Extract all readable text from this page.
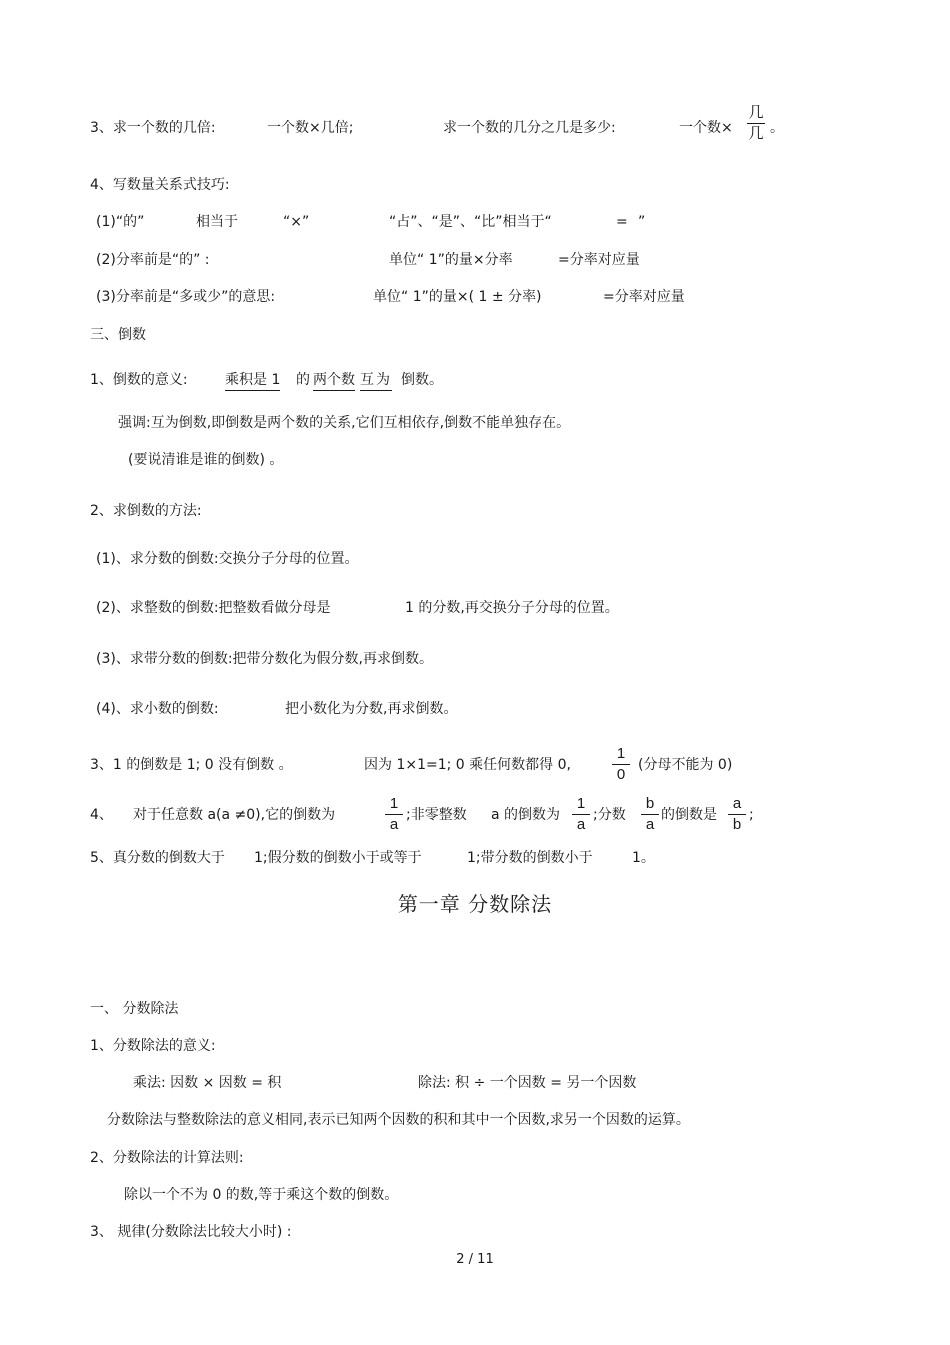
3、求一个数的几倍:	一个数×几倍;	求一个数的几分之几是多少:	一个数×
几
几 。
4、写数量关系式技巧:
(1)“的”	相当于	“×”	“占”、“是”、“比”相当于“	= ”
(2)分率前是“的” :	单位“ 1”的量×分率	=分率对应量
(3)分率前是“多或少”的意思:	单位“ 1”的量×( 1 ± 分率)	=分率对应量
三、倒数
1、倒数的意义:	乘积是 1 的 两个数 互为 倒数。
强调:互为倒数,即倒数是两个数的关系,它们互相依存,倒数不能单独存在。
(要说清谁是谁的倒数) 。
2、求倒数的方法:
(1)、求分数的倒数:交换分子分母的位置。
(2)、求整数的倒数:把整数看做分母是	1 的分数,再交换分子分母的位置。
(3)、求带分数的倒数:把带分数化为假分数,再求倒数。
(4)、求小数的倒数:	把小数化为分数,再求倒数。
3、1 的倒数是 1; 0 没有倒数 。	因为 1×1=1; 0 乘任何数都得 0,
1
0
(分母不能为 0)
4、 对于任意数 a(a ≠0),它的倒数为
1
a
;非零整数 a 的倒数为
1
a
;分数
b
a
的倒数是
a
b
;
5、真分数的倒数大于 1;假分数的倒数小于或等于	1;带分数的倒数小于	1。
第一章 分数除法
一、 分数除法
1、分数除法的意义:
乘法: 因数 × 因数 = 积	除法: 积 ÷ 一个因数 = 另一个因数
分数除法与整数除法的意义相同,表示已知两个因数的积和其中一个因数,求另一个因数的运算。
2、分数除法的计算法则:
除以一个不为 0 的数,等于乘这个数的倒数。
3、 规律(分数除法比较大小时) :
2 / 11
